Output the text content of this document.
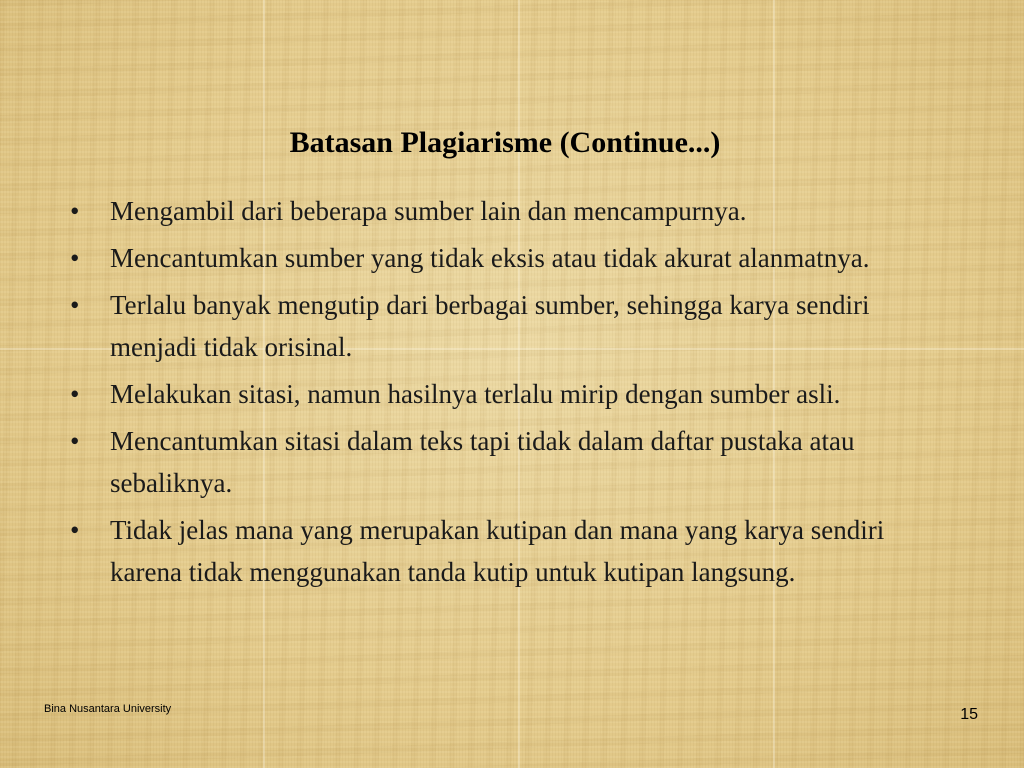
Batasan Plagiarisme (Continue...)
• Mengambil dari beberapa sumber lain dan mencampurnya.
• Mencantumkan sumber yang tidak eksis atau tidak akurat alanmatnya.
• Terlalu banyak mengutip dari berbagai sumber, sehingga karya sendiri menjadi tidak orisinal.
• Melakukan sitasi, namun hasilnya terlalu mirip dengan sumber asli.
• Mencantumkan sitasi dalam teks tapi tidak dalam daftar pustaka atau sebaliknya.
• Tidak jelas mana yang merupakan kutipan dan mana yang karya sendiri karena tidak menggunakan tanda kutip untuk kutipan langsung.
Bina Nusantara University	15
